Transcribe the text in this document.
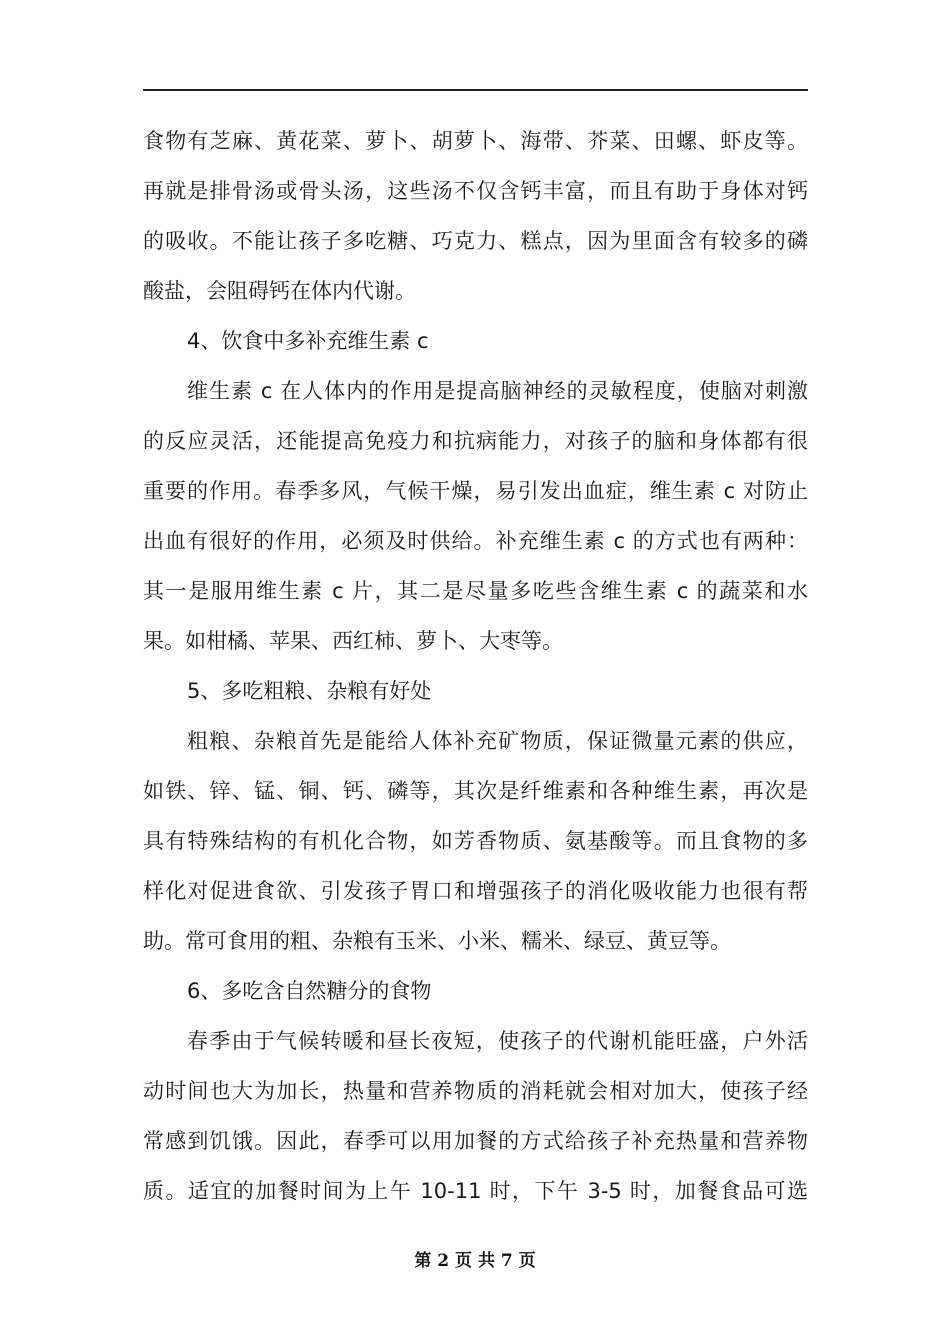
食物有芝麻、黄花菜、萝卜、胡萝卜、海带、芥菜、田螺、虾皮等。
再就是排骨汤或骨头汤，这些汤不仅含钙丰富，而且有助于身体对钙
的吸收。不能让孩子多吃糖、巧克力、糕点，因为里面含有较多的磷
酸盐，会阻碍钙在体内代谢。
4、饮食中多补充维生素 c
维生素 c 在人体内的作用是提高脑神经的灵敏程度，使脑对刺激
的反应灵活，还能提高免疫力和抗病能力，对孩子的脑和身体都有很
重要的作用。春季多风，气候干燥，易引发出血症，维生素 c 对防止
出血有很好的作用，必须及时供给。补充维生素 c 的方式也有两种：
其一是服用维生素 c 片，其二是尽量多吃些含维生素 c 的蔬菜和水
果。如柑橘、苹果、西红柿、萝卜、大枣等。
5、多吃粗粮、杂粮有好处
粗粮、杂粮首先是能给人体补充矿物质，保证微量元素的供应，
如铁、锌、锰、铜、钙、磷等，其次是纤维素和各种维生素，再次是
具有特殊结构的有机化合物，如芳香物质、氨基酸等。而且食物的多
样化对促进食欲、引发孩子胃口和增强孩子的消化吸收能力也很有帮
助。常可食用的粗、杂粮有玉米、小米、糯米、绿豆、黄豆等。
6、多吃含自然糖分的食物
春季由于气候转暖和昼长夜短，使孩子的代谢机能旺盛，户外活
动时间也大为加长，热量和营养物质的消耗就会相对加大，使孩子经
常感到饥饿。因此，春季可以用加餐的方式给孩子补充热量和营养物
质。适宜的加餐时间为上午 10-11 时，下午 3-5 时，加餐食品可选
第 2 页 共 7 页
